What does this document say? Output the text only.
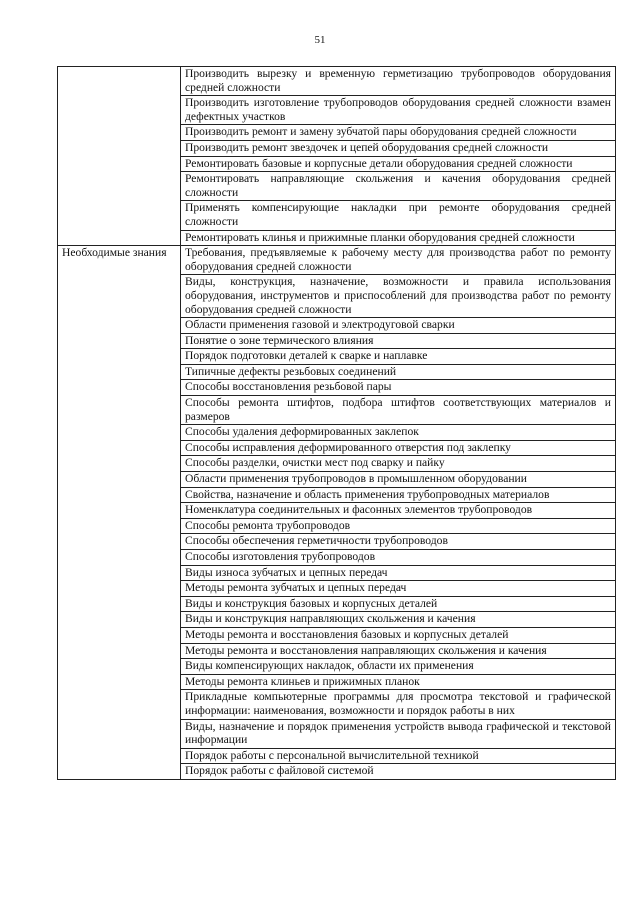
51
	Производить вырезку и временную герметизацию трубопроводов оборудования средней сложности
	Производить изготовление трубопроводов оборудования средней сложности взамен дефектных участков
	Производить ремонт и замену зубчатой пары оборудования средней сложности
	Производить ремонт звездочек и цепей оборудования средней сложности
	Ремонтировать базовые и корпусные детали оборудования средней сложности
	Ремонтировать направляющие скольжения и качения оборудования средней сложности
	Применять компенсирующие накладки при ремонте оборудования средней сложности
	Ремонтировать клинья и прижимные планки оборудования средней сложности
Необходимые знания	Требования, предъявляемые к рабочему месту для производства работ по ремонту оборудования средней сложности
	Виды, конструкция, назначение, возможности и правила использования оборудования, инструментов и приспособлений для производства работ по ремонту оборудования средней сложности
	Области применения газовой и электродуговой сварки
	Понятие о зоне термического влияния
	Порядок подготовки деталей к сварке и наплавке
	Типичные дефекты резьбовых соединений
	Способы восстановления резьбовой пары
	Способы ремонта штифтов, подбора штифтов соответствующих материалов и размеров
	Способы удаления деформированных заклепок
	Способы исправления деформированного отверстия под заклепку
	Способы разделки, очистки мест под сварку и пайку
	Области применения трубопроводов в промышленном оборудовании
	Свойства, назначение и область применения трубопроводных материалов
	Номенклатура соединительных и фасонных элементов трубопроводов
	Способы ремонта трубопроводов
	Способы обеспечения герметичности трубопроводов
	Способы изготовления трубопроводов
	Виды износа зубчатых и цепных передач
	Методы ремонта зубчатых и цепных передач
	Виды и конструкция базовых и корпусных деталей
	Виды и конструкция направляющих скольжения и качения
	Методы ремонта и восстановления базовых и корпусных деталей
	Методы ремонта и восстановления направляющих скольжения и качения
	Виды компенсирующих накладок, области их применения
	Методы ремонта клиньев и прижимных планок
	Прикладные компьютерные программы для просмотра текстовой и графической информации: наименования, возможности и порядок работы в них
	Виды, назначение и порядок применения устройств вывода графической и текстовой информации
	Порядок работы с персональной вычислительной техникой
	Порядок работы с файловой системой
